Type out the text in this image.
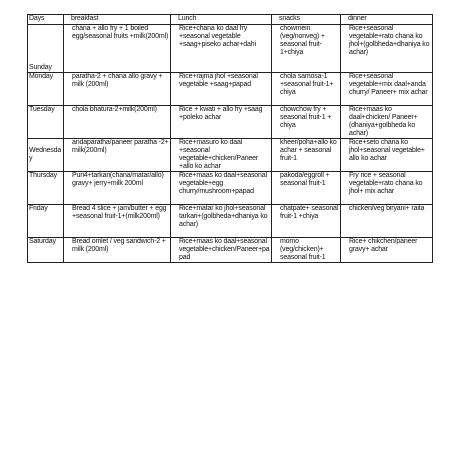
Days	breakfast	Lunch	snacks	dinner
Sunday	chana + allo fry + 1 boiled egg/seasonal fruits +milk(200ml)	Rice+chana ko daal fry +seasonal vegetable +saag+piseko achar+dahi	chowmein (veg/nonveg) + seasonal fruit-1+chiya	Rice+seasonal vegetable+rato chana ko jhol+(golbheda+dhaniya ko achar)
Monday	paratha-2 + chana allo gravy + milk (200ml)	Rice+rajma jhol +seasonal vegetable +saag+papad	chola samosa-1 +seasonal fruit-1+ chiya	Rice+seasonal vegetable+mix daal+anda churry/ Paneer+ mix achar
Tuesday	chola bhatura-2+milk(200ml)	Rice + kwati + allo fry +saag +poleko achar	chowchow fry + seasonal fruit-1 + chiya	Rice+maas ko daal+chicken/ Paneer+(dhaniya+golbheda ko achar)
Wednesday	andaparatha/paneer paratha -2+ milk(200ml)	Rice+masuro ko daal +seasonal vegetable+chicken/Paneer +allo ko achar	kheer/poha+allo ko achar + seasonal fruit-1	Rice+seto chana ko jhol+seasonal vegetable+ allo ko achar
Thursday	Puri4+tarkari(chana/matar/allo) gravy+ jerry+milk 200ml	Rice+maas ko daal+seasonal vegetable+egg churry/mushroom+papad	pakoda/eggroll + seasonal fruit-1	Fry rice + seasonal vegetable+rato chana ko jhol+ mix achar
Friday	Bread 4 slice + jam/butter + egg +seasonal fruit-1+(milk200ml)	Rice+matar ko jhol+seasonal tarkari+(golbheda+dhaniya ko achar)	chatpate+ seasonal fruit-1 +chiya	chicken/veg biryani+ raita
Saturday	Bread omlet / veg sandwich-2 + milk (200ml)	Rice+maas ko daal+seasonal vegetable+chicken/Paneer+papad	momo (veg/chicken)+ seasonal fruit-1	Rice+ chikchen/paneer gravy+ achar
